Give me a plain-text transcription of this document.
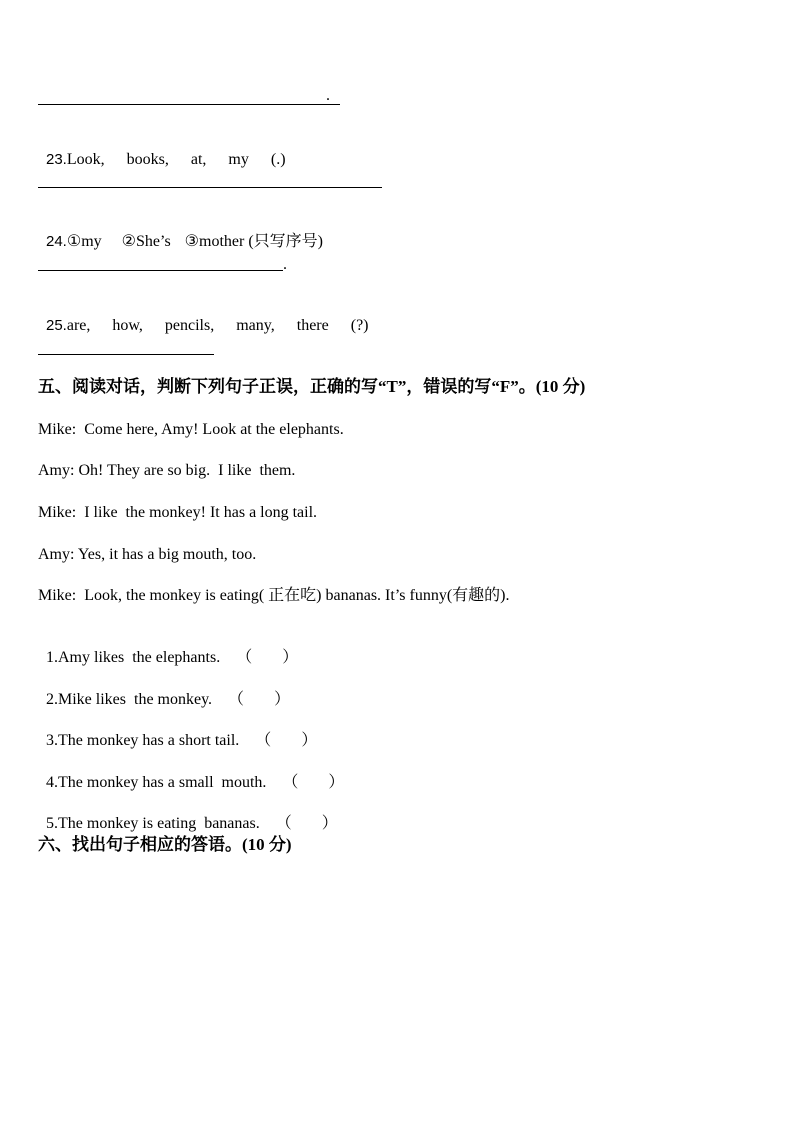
.

23.Look, books, at, my (.)

24.①my ②She’s ③mother (只写序号)

.

25.are, how, pencils, many, there (?)

五、阅读对话，判断下列句子正误，正确的写“T”，错误的写“F”。(10 分)
Mike:  Come here, Amy! Look at the elephants.
Amy: Oh! They are so big.  I like  them.
Mike:  I like  the monkey! It has a long tail.
Amy: Yes, it has a big mouth, too.
Mike:  Look, the monkey is eating( 正在吃) bananas. It’s funny(有趣的).

1.Amy likes  the elephants. （ ）

2.Mike likes  the monkey. （ ）

3.The monkey has a short tail. （ ）

4.The monkey has a small  mouth. （ ）

5.The monkey is eating  bananas. （ ）

六、找出句子相应的答语。(10 分)
